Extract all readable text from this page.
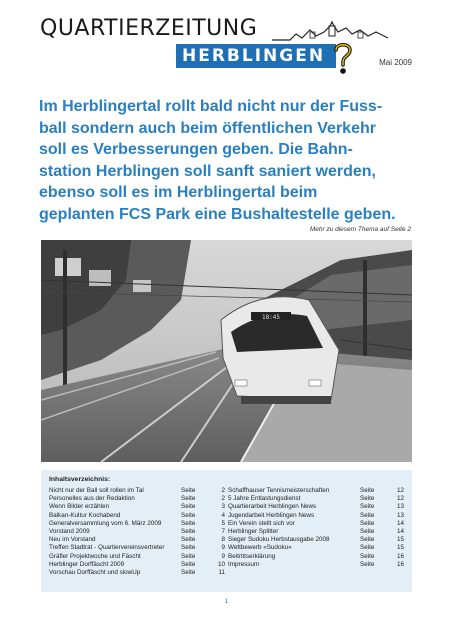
QUARTIERZEITUNG
HERBLINGEN	Mai 2009
Im Herblingertal rollt bald nicht nur der Fuss-
ball sondern auch beim öffentlichen Verkehr
soll es Verbesserungen geben. Die Bahn-
station Herblingen soll sanft saniert werden,
ebenso soll es im Herblingertal beim
geplanten FCS Park eine Bushaltestelle geben.
Mehr zu diesem Thema auf Seite 2
18:45
Inhaltsverzeichnis:
Nicht nur der Ball soll rollen im Tal	Seite	2
Personelles aus der Redaktion	Seite	2
Wenn Bilder erzählen	Seite	3
Balkan-Kultur Kochabend	Seite	4
Generalversammlung vom 6. März 2009	Seite	5
Vorstand 2009	Seite	7
Neu im Vorstand	Seite	8
Treffen Stadtrat - Quartiervereinsvertreter	Seite	9
Gräfler Projektwoche und Fäscht	Seite	9
Herblinger Dorffäscht 2009	Seite	10
Vorschau Dorffäscht und slowUp	Seite	11
Schaffhauser Tennismeisterschaften	Seite	12
5 Jahre Entlastungsdienst	Seite	12
Quartierarbeit Herblingen News	Seite	13
Jugendarbeit Herblingen News	Seite	13
Ein Verein stellt sich vor	Seite	14
Herblinger Splitter	Seite	14
Sieger Sudoku Herbstausgabe 2008	Seite	15
Wettbewerb «Sudoku»	Seite	15
Beitrittserklärung	Seite	16
Impressum	Seite	16
1
